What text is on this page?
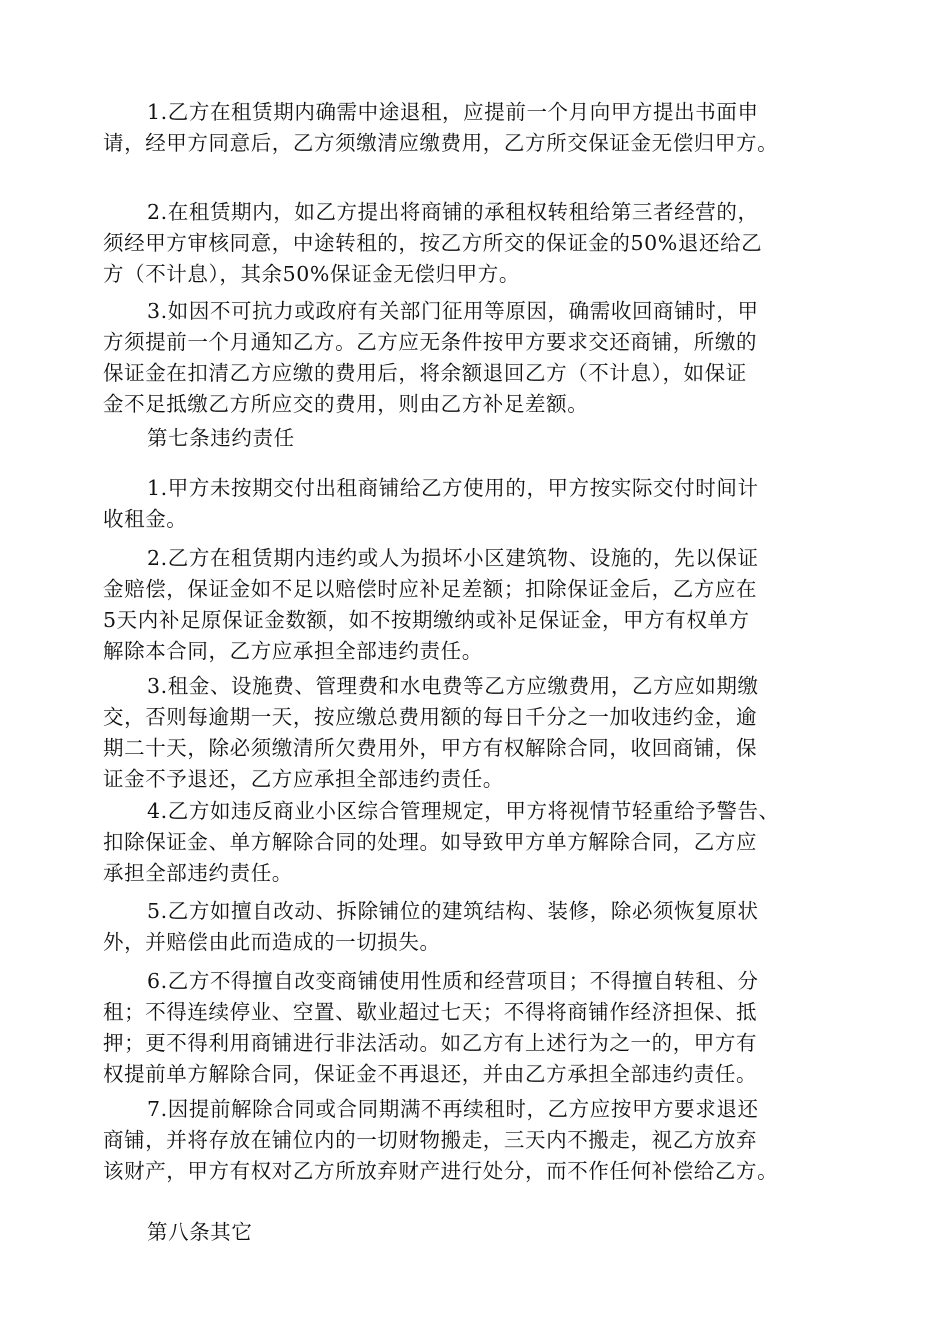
1.乙方在租赁期内确需中途退租，应提前一个月向甲方提出书面申
请，经甲方同意后，乙方须缴清应缴费用，乙方所交保证金无偿归甲方。

2.在租赁期内，如乙方提出将商铺的承租权转租给第三者经营的，
须经甲方审核同意，中途转租的，按乙方所交的保证金的50%退还给乙
方（不计息），其余50%保证金无偿归甲方。

3.如因不可抗力或政府有关部门征用等原因，确需收回商铺时，甲
方须提前一个月通知乙方。乙方应无条件按甲方要求交还商铺，所缴的
保证金在扣清乙方应缴的费用后，将余额退回乙方（不计息），如保证
金不足抵缴乙方所应交的费用，则由乙方补足差额。

第七条违约责任

1.甲方未按期交付出租商铺给乙方使用的，甲方按实际交付时间计
收租金。

2.乙方在租赁期内违约或人为损坏小区建筑物、设施的，先以保证
金赔偿，保证金如不足以赔偿时应补足差额；扣除保证金后，乙方应在
5天内补足原保证金数额，如不按期缴纳或补足保证金，甲方有权单方
解除本合同，乙方应承担全部违约责任。

3.租金、设施费、管理费和水电费等乙方应缴费用，乙方应如期缴
交，否则每逾期一天，按应缴总费用额的每日千分之一加收违约金，逾
期二十天，除必须缴清所欠费用外，甲方有权解除合同，收回商铺，保
证金不予退还，乙方应承担全部违约责任。

4.乙方如违反商业小区综合管理规定，甲方将视情节轻重给予警告、
扣除保证金、单方解除合同的处理。如导致甲方单方解除合同，乙方应
承担全部违约责任。

5.乙方如擅自改动、拆除铺位的建筑结构、装修，除必须恢复原状
外，并赔偿由此而造成的一切损失。

6.乙方不得擅自改变商铺使用性质和经营项目；不得擅自转租、分
租；不得连续停业、空置、歇业超过七天；不得将商铺作经济担保、抵
押；更不得利用商铺进行非法活动。如乙方有上述行为之一的，甲方有
权提前单方解除合同，保证金不再退还，并由乙方承担全部违约责任。

7.因提前解除合同或合同期满不再续租时，乙方应按甲方要求退还
商铺，并将存放在铺位内的一切财物搬走，三天内不搬走，视乙方放弃
该财产，甲方有权对乙方所放弃财产进行处分，而不作任何补偿给乙方。

第八条其它
